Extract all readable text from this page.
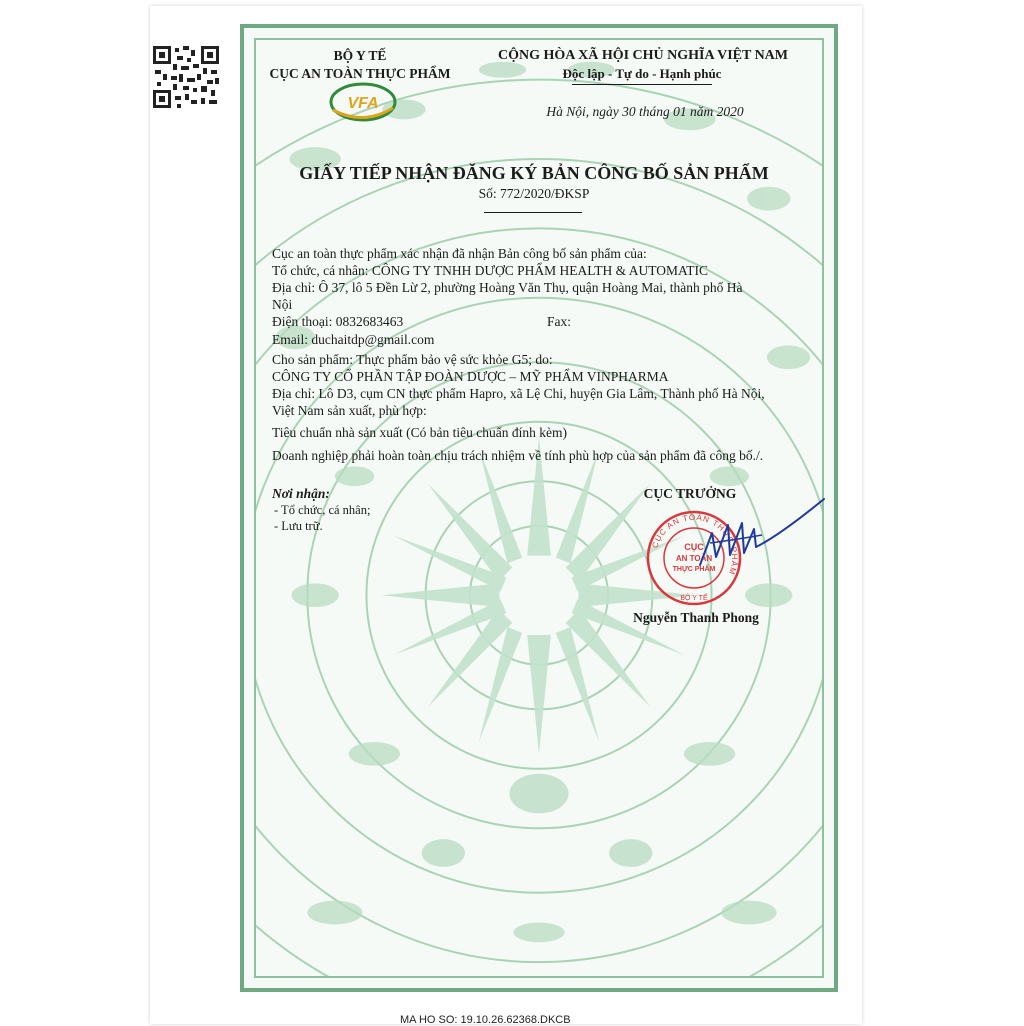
BỘ Y TẾ
CỤC AN TOÀN THỰC PHẨM
VFA
CỘNG HÒA XÃ HỘI CHỦ NGHĨA VIỆT NAM
Độc lập - Tự do - Hạnh phúc
Hà Nội, ngày 30 tháng 01 năm 2020
GIẤY TIẾP NHẬN ĐĂNG KÝ BẢN CÔNG BỐ SẢN PHẨM
Số: 772/2020/ĐKSP
Cục an toàn thực phẩm xác nhận đã nhận Bản công bố sản phẩm của:
Tổ chức, cá nhân: CÔNG TY TNHH DƯỢC PHẨM HEALTH & AUTOMATIC
Địa chỉ: Ô 37, lô 5 Đền Lừ 2, phường Hoàng Văn Thụ, quận Hoàng Mai, thành phố Hà
Nội
Điện thoại: 0832683463	Fax:
Email: duchaitdp@gmail.com
Cho sản phẩm: Thực phẩm bảo vệ sức khỏe G5; do:
CÔNG TY CỔ PHẦN TẬP ĐOÀN DƯỢC – MỸ PHẨM VINPHARMA
Địa chỉ: Lô D3, cụm CN thực phẩm Hapro, xã Lệ Chi, huyện Gia Lâm, Thành phố Hà Nội,
Việt Nam sản xuất, phù hợp:
Tiêu chuẩn nhà sản xuất (Có bản tiêu chuẩn đính kèm)
Doanh nghiệp phải hoàn toàn chịu trách nhiệm về tính phù hợp của sản phẩm đã công bố./.
Nơi nhận:
- Tổ chức, cá nhân;
- Lưu trữ.
CỤC TRƯỞNG
CỤC AN TOÀN THỰC PHẨM
BỘ Y TẾ
CỤC
AN TOÀN
THỰC PHẨM
Nguyễn Thanh Phong
MA HO SO: 19.10.26.62368.DKCB
